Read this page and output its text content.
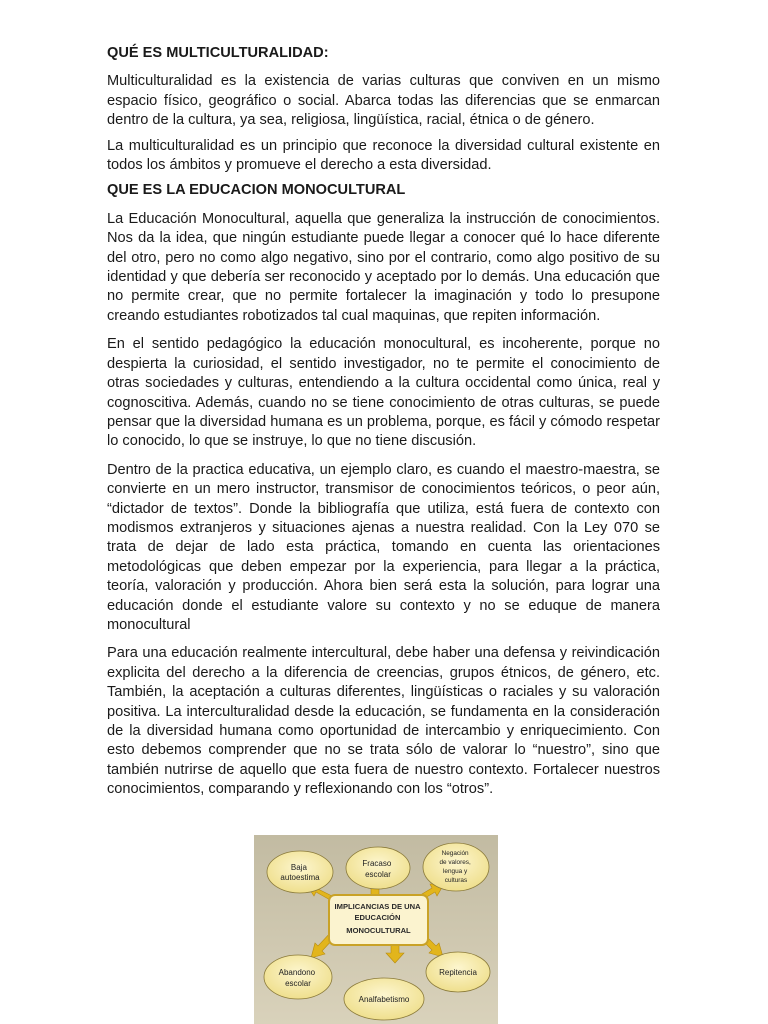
QUÉ ES MULTICULTURALIDAD:

Multiculturalidad es la existencia de varias culturas que conviven en un mismo espacio físico, geográfico o social. Abarca todas las diferencias que se enmarcan dentro de la cultura, ya sea, religiosa, lingüística, racial, étnica o de género.

La multiculturalidad es un principio que reconoce la diversidad cultural existente en todos los ámbitos y promueve el derecho a esta diversidad.

QUE ES LA EDUCACION MONOCULTURAL

La Educación Monocultural, aquella que generaliza la instrucción de conocimientos. Nos da la idea, que ningún estudiante puede llegar a conocer qué lo hace diferente del otro, pero no como algo negativo, sino por el contrario, como algo positivo de su identidad y que debería ser reconocido y aceptado por lo demás. Una educación que no permite crear, que no permite fortalecer la imaginación y todo lo presupone creando estudiantes robotizados tal cual maquinas, que repiten información.

En el sentido pedagógico la educación monocultural, es incoherente, porque no despierta la curiosidad, el sentido investigador, no te permite el conocimiento de otras sociedades y culturas, entendiendo a la cultura occidental como única, real y cognoscitiva. Además, cuando no se tiene conocimiento de otras culturas, se puede pensar que la diversidad humana es un problema, porque, es fácil y cómodo respetar lo conocido, lo que se instruye, lo que no tiene discusión.

Dentro de la practica educativa, un ejemplo claro, es cuando el maestro-maestra, se convierte en un mero instructor, transmisor de conocimientos teóricos, o peor aún, “dictador de textos”. Donde la bibliografía que utiliza, está fuera de contexto con modismos extranjeros y situaciones ajenas a nuestra realidad. Con la Ley 070 se trata de dejar de lado esta práctica, tomando en cuenta las orientaciones metodológicas que deben empezar por la experiencia, para llegar a la práctica, teoría, valoración y producción. Ahora bien será esta la solución, para lograr una educación donde el estudiante valore su contexto y no se eduque de manera monocultural

Para una educación realmente intercultural, debe haber una defensa y reivindicación explicita del derecho a la diferencia de creencias, grupos étnicos, de género, etc. También, la aceptación a culturas diferentes, lingüísticas o raciales y su valoración positiva. La interculturalidad desde la educación, se fundamenta en la consideración de la diversidad humana como oportunidad de intercambio y enriquecimiento. Con esto debemos comprender que no se trata sólo de valorar lo “nuestro”, sino que también nutrirse de aquello que esta fuera de nuestro contexto. Fortalecer nuestros conocimientos, comparando y reflexionando con los “otros”.

IMPLICANCIAS DE UNA EDUCACIÓN MONOCULTURAL
Baja autoestima
Fracaso escolar
Negación de valores, lengua y culturas
Abandono escolar
Repitencia
Analfabetismo
